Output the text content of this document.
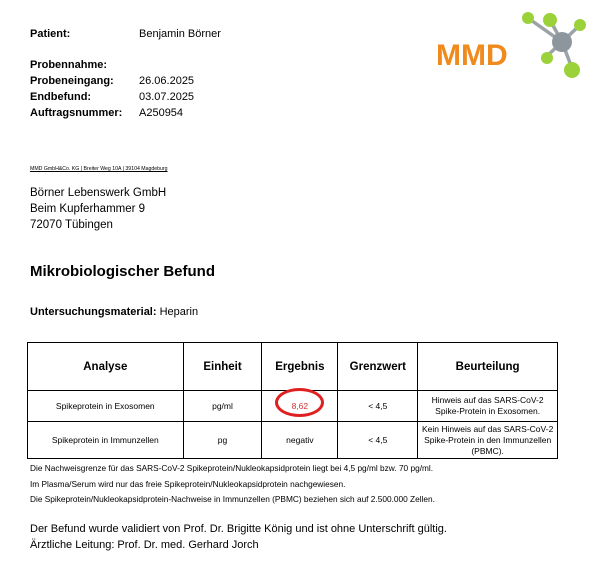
Patient:	Benjamin Börner
Probennahme:
Probeneingang: 26.06.2025
Endbefund:	03.07.2025
Auftragsnummer: A250954
MMD
MMD GmbH&Co. KG | Breiter Weg 10A | 39104 Magdeburg
Börner Lebenswerk GmbH
Beim Kupferhammer 9
72070 Tübingen
Mikrobiologischer Befund
Untersuchungsmaterial: Heparin
Analyse	Einheit	Ergebnis	Grenzwert	Beurteilung
Spikeprotein in Exosomen	pg/ml	8,62	< 4,5	Hinweis auf das SARS-CoV-2 Spike-Protein in Exosomen.
Spikeprotein in Immunzellen	pg	negativ	< 4,5	Kein Hinweis auf das SARS-CoV-2 Spike-Protein in den Immunzellen (PBMC).
Die Nachweisgrenze für das SARS-CoV-2 Spikeprotein/Nukleokapsidprotein liegt bei 4,5 pg/ml bzw. 70 pg/ml.
Im Plasma/Serum wird nur das freie Spikeprotein/Nukleokapsidprotein nachgewiesen.
Die Spikeprotein/Nukleokapsidprotein-Nachweise in Immunzellen (PBMC) beziehen sich auf 2.500.000 Zellen.
Der Befund wurde validiert von Prof. Dr. Brigitte König und ist ohne Unterschrift gültig.
Ärztliche Leitung: Prof. Dr. med. Gerhard Jorch
